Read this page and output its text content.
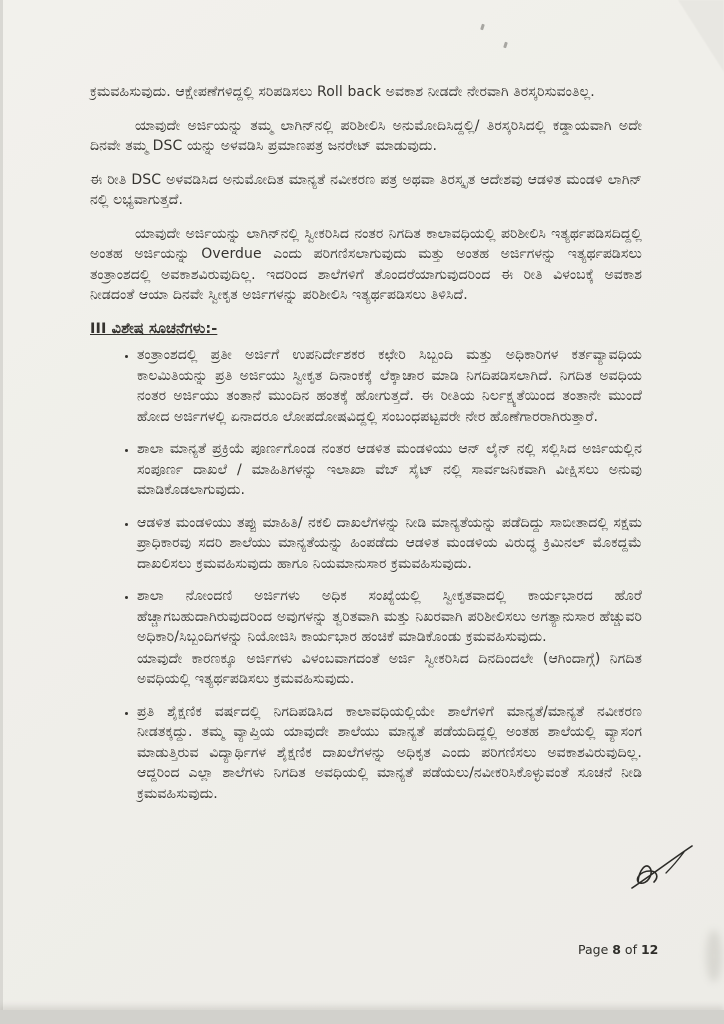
ಕ್ರಮವಹಿಸುವುದು. ಆಕ್ಷೇಪಣೆಗಳಿದ್ದಲ್ಲಿ ಸರಿಪಡಿಸಲು Roll back ಅವಕಾಶ ನೀಡದೇ ನೇರವಾಗಿ ತಿರಸ್ಕರಿಸುವಂತಿಲ್ಲ.

ಯಾವುದೇ ಅರ್ಜಿಯನ್ನು ತಮ್ಮ ಲಾಗಿನ್‌ನಲ್ಲಿ ಪರಿಶೀಲಿಸಿ ಅನುಮೋದಿಸಿದ್ದಲ್ಲಿ/ ತಿರಸ್ಕರಿಸಿದಲ್ಲಿ ಕಡ್ಡಾಯವಾಗಿ ಅದೇ ದಿನವೇ ತಮ್ಮ DSC ಯನ್ನು ಅಳವಡಿಸಿ ಪ್ರಮಾಣಪತ್ರ ಜನರೇಟ್ ಮಾಡುವುದು.

ಈ ರೀತಿ DSC ಅಳವಡಿಸಿದ ಅನುಮೋದಿತ ಮಾನ್ಯತೆ ನವೀಕರಣ ಪತ್ರ ಅಥವಾ ತಿರಸ್ಕೃತ ಆದೇಶವು ಆಡಳಿತ ಮಂಡಳಿ ಲಾಗಿನ್ ನಲ್ಲಿ ಲಭ್ಯವಾಗುತ್ತದೆ.

ಯಾವುದೇ ಅರ್ಜಿಯನ್ನು ಲಾಗಿನ್‌ನಲ್ಲಿ ಸ್ವೀಕರಿಸಿದ ನಂತರ ನಿಗದಿತ ಕಾಲಾವಧಿಯಲ್ಲಿ ಪರಿಶೀಲಿಸಿ ಇತ್ಯರ್ಥಪಡಿಸದಿದ್ದಲ್ಲಿ ಅಂತಹ ಅರ್ಜಿಯನ್ನು Overdue ಎಂದು ಪರಿಗಣಿಸಲಾಗುವುದು ಮತ್ತು ಅಂತಹ ಅರ್ಜಿಗಳನ್ನು ಇತ್ಯರ್ಥಪಡಿಸಲು ತಂತ್ರಾಂಶದಲ್ಲಿ ಅವಕಾಶವಿರುವುದಿಲ್ಲ. ಇದರಿಂದ ಶಾಲೆಗಳಿಗೆ ತೊಂದರೆಯಾಗುವುದರಿಂದ ಈ ರೀತಿ ವಿಳಂಬಕ್ಕೆ ಅವಕಾಶ ನೀಡದಂತೆ ಆಯಾ ದಿನವೇ ಸ್ವೀಕೃತ ಅರ್ಜಿಗಳನ್ನು ಪರಿಶೀಲಿಸಿ ಇತ್ಯರ್ಥಪಡಿಸಲು ತಿಳಿಸಿದೆ.

III ವಿಶೇಷ ಸೂಚನೆಗಳು:-
• ತಂತ್ರಾಂಶದಲ್ಲಿ ಪ್ರತೀ ಅರ್ಜಿಗೆ ಉಪನಿರ್ದೇಶಕರ ಕಛೇರಿ ಸಿಬ್ಬಂದಿ ಮತ್ತು ಅಧಿಕಾರಿಗಳ ಕರ್ತವ್ಯಾವಧಿಯ ಕಾಲಮಿತಿಯನ್ನು ಪ್ರತಿ ಅರ್ಜಿಯು ಸ್ವೀಕೃತ ದಿನಾಂಕಕ್ಕೆ ಲೆಕ್ಕಾಚಾರ ಮಾಡಿ ನಿಗದಿಪಡಿಸಲಾಗಿದೆ. ನಿಗದಿತ ಅವಧಿಯ ನಂತರ ಅರ್ಜಿಯು ತಂತಾನೆ ಮುಂದಿನ ಹಂತಕ್ಕೆ ಹೋಗುತ್ತದೆ. ಈ ರೀತಿಯ ನಿರ್ಲಕ್ಷ್ಯತೆಯಿಂದ ತಂತಾನೇ ಮುಂದೆ ಹೋದ ಅರ್ಜಿಗಳಲ್ಲಿ ಏನಾದರೂ ಲೋಪದೋಷವಿದ್ದಲ್ಲಿ ಸಂಬಂಧಪಟ್ಟವರೇ ನೇರ ಹೊಣೆಗಾರರಾಗಿರುತ್ತಾರೆ.
• ಶಾಲಾ ಮಾನ್ಯತೆ ಪ್ರಕ್ರಿಯೆ ಪೂರ್ಣಗೊಂಡ ನಂತರ ಆಡಳಿತ ಮಂಡಳಿಯು ಆನ್ ಲೈನ್ ನಲ್ಲಿ ಸಲ್ಲಿಸಿದ ಅರ್ಜಿಯಲ್ಲಿನ ಸಂಪೂರ್ಣ ದಾಖಲೆ / ಮಾಹಿತಿಗಳನ್ನು ಇಲಾಖಾ ವೆಬ್ ಸೈಟ್ ನಲ್ಲಿ ಸಾರ್ವಜನಿಕವಾಗಿ ವೀಕ್ಷಿಸಲು ಅನುವು ಮಾಡಿಕೊಡಲಾಗುವುದು.
• ಆಡಳಿತ ಮಂಡಳಿಯು ತಪ್ಪು ಮಾಹಿತಿ/ ನಕಲಿ ದಾಖಲೆಗಳನ್ನು ನೀಡಿ ಮಾನ್ಯತೆಯನ್ನು ಪಡೆದಿದ್ದು ಸಾಬೀತಾದಲ್ಲಿ ಸಕ್ಷಮ ಪ್ರಾಧಿಕಾರವು ಸದರಿ ಶಾಲೆಯು ಮಾನ್ಯತೆಯನ್ನು ಹಿಂಪಡೆದು ಆಡಳಿತ ಮಂಡಳಿಯ ವಿರುದ್ಧ ಕ್ರಿಮಿನಲ್ ಮೊಕದ್ದಮೆ ದಾಖಲಿಸಲು ಕ್ರಮವಹಿಸುವುದು ಹಾಗೂ ನಿಯಮಾನುಸಾರ ಕ್ರಮವಹಿಸುವುದು.
• ಶಾಲಾ ನೋಂದಣಿ ಅರ್ಜಿಗಳು ಅಧಿಕ ಸಂಖ್ಯೆಯಲ್ಲಿ ಸ್ವೀಕೃತವಾದಲ್ಲಿ ಕಾರ್ಯಭಾರದ ಹೊರೆ ಹೆಚ್ಚಾಗಬಹುದಾಗಿರುವುದರಿಂದ ಅವುಗಳನ್ನು ತ್ವರಿತವಾಗಿ ಮತ್ತು ನಿಖರವಾಗಿ ಪರಿಶೀಲಿಸಲು ಅಗತ್ಯಾನುಸಾರ ಹೆಚ್ಚುವರಿ ಅಧಿಕಾರಿ/ಸಿಬ್ಬಂದಿಗಳನ್ನು ನಿಯೋಜಿಸಿ ಕಾರ್ಯಭಾರ ಹಂಚಿಕೆ ಮಾಡಿಕೊಂಡು ಕ್ರಮವಹಿಸುವುದು.
ಯಾವುದೇ ಕಾರಣಕ್ಕೂ ಅರ್ಜಿಗಳು ವಿಳಂಬವಾಗದಂತೆ ಅರ್ಜಿ ಸ್ವೀಕರಿಸಿದ ದಿನದಿಂದಲೇ (ಆಗಿಂದಾಗ್ಗೆ) ನಿಗದಿತ ಅವಧಿಯಲ್ಲಿ ಇತ್ಯರ್ಥಪಡಿಸಲು ಕ್ರಮವಹಿಸುವುದು.
• ಪ್ರತಿ ಶೈಕ್ಷಣಿಕ ವರ್ಷದಲ್ಲಿ ನಿಗದಿಪಡಿಸಿದ ಕಾಲಾವಧಿಯಲ್ಲಿಯೇ ಶಾಲೆಗಳಿಗೆ ಮಾನ್ಯತೆ/ಮಾನ್ಯತೆ ನವೀಕರಣ ನೀಡತಕ್ಕದ್ದು. ತಮ್ಮ ವ್ಯಾಪ್ತಿಯ ಯಾವುದೇ ಶಾಲೆಯು ಮಾನ್ಯತೆ ಪಡೆಯದಿದ್ದಲ್ಲಿ ಅಂತಹ ಶಾಲೆಯಲ್ಲಿ ವ್ಯಾಸಂಗ ಮಾಡುತ್ತಿರುವ ವಿದ್ಯಾರ್ಥಿಗಳ ಶೈಕ್ಷಣಿಕ ದಾಖಲೆಗಳನ್ನು ಅಧಿಕೃತ ಎಂದು ಪರಿಗಣಿಸಲು ಅವಕಾಶವಿರುವುದಿಲ್ಲ. ಆದ್ದರಿಂದ ಎಲ್ಲಾ ಶಾಲೆಗಳು ನಿಗದಿತ ಅವಧಿಯಲ್ಲಿ ಮಾನ್ಯತೆ ಪಡೆಯಲು/ನವೀಕರಿಸಿಕೊಳ್ಳುವಂತೆ ಸೂಚನೆ ನೀಡಿ ಕ್ರಮವಹಿಸುವುದು.
Page 8 of 12
